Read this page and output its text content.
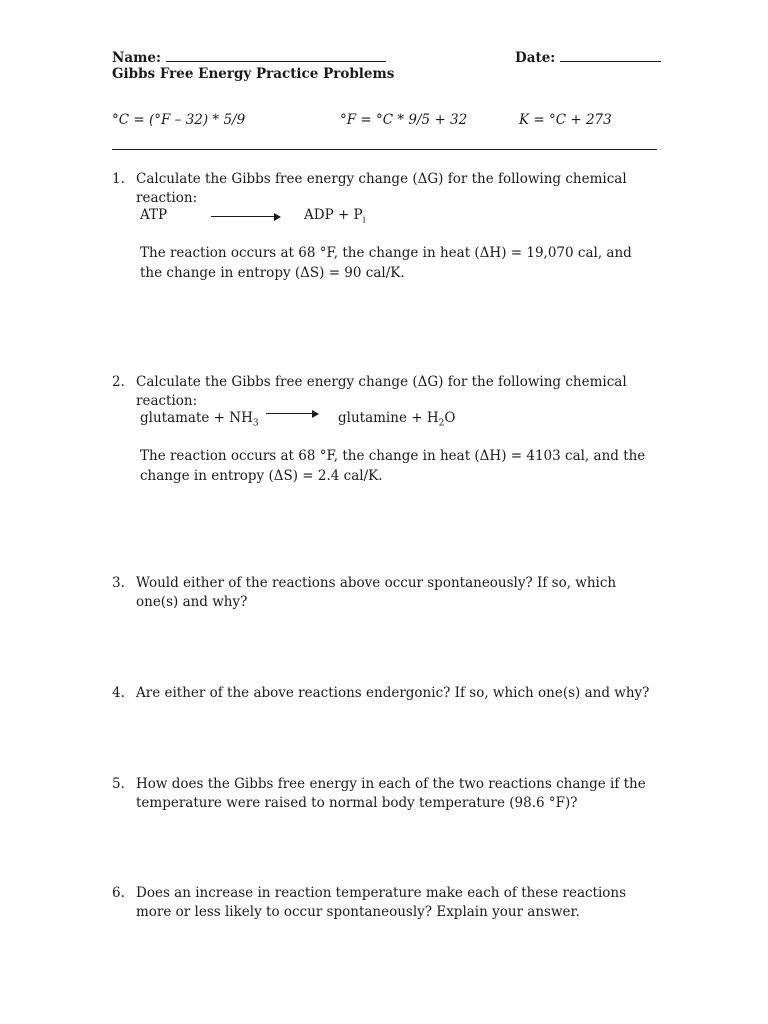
Name:	Date:
Gibbs Free Energy Practice Problems
°C = (°F – 32) * 5/9	°F = °C * 9/5 + 32	K = °C + 273
1. Calculate the Gibbs free energy change (ΔG) for the following chemical reaction:
ATP	ADP + $P_i$
The reaction occurs at 68 °F, the change in heat (ΔH) = 19,070 cal, and the change in entropy (ΔS) = 90 cal/K.
2. Calculate the Gibbs free energy change (ΔG) for the following chemical reaction:
glutamate + $NH_3$	glutamine + $H_2O$
The reaction occurs at 68 °F, the change in heat (ΔH) = 4103 cal, and the change in entropy (ΔS) = 2.4 cal/K.
3. Would either of the reactions above occur spontaneously? If so, which one(s) and why?
4. Are either of the above reactions endergonic? If so, which one(s) and why?
5. How does the Gibbs free energy in each of the two reactions change if the temperature were raised to normal body temperature (98.6 °F)?
6. Does an increase in reaction temperature make each of these reactions more or less likely to occur spontaneously? Explain your answer.
